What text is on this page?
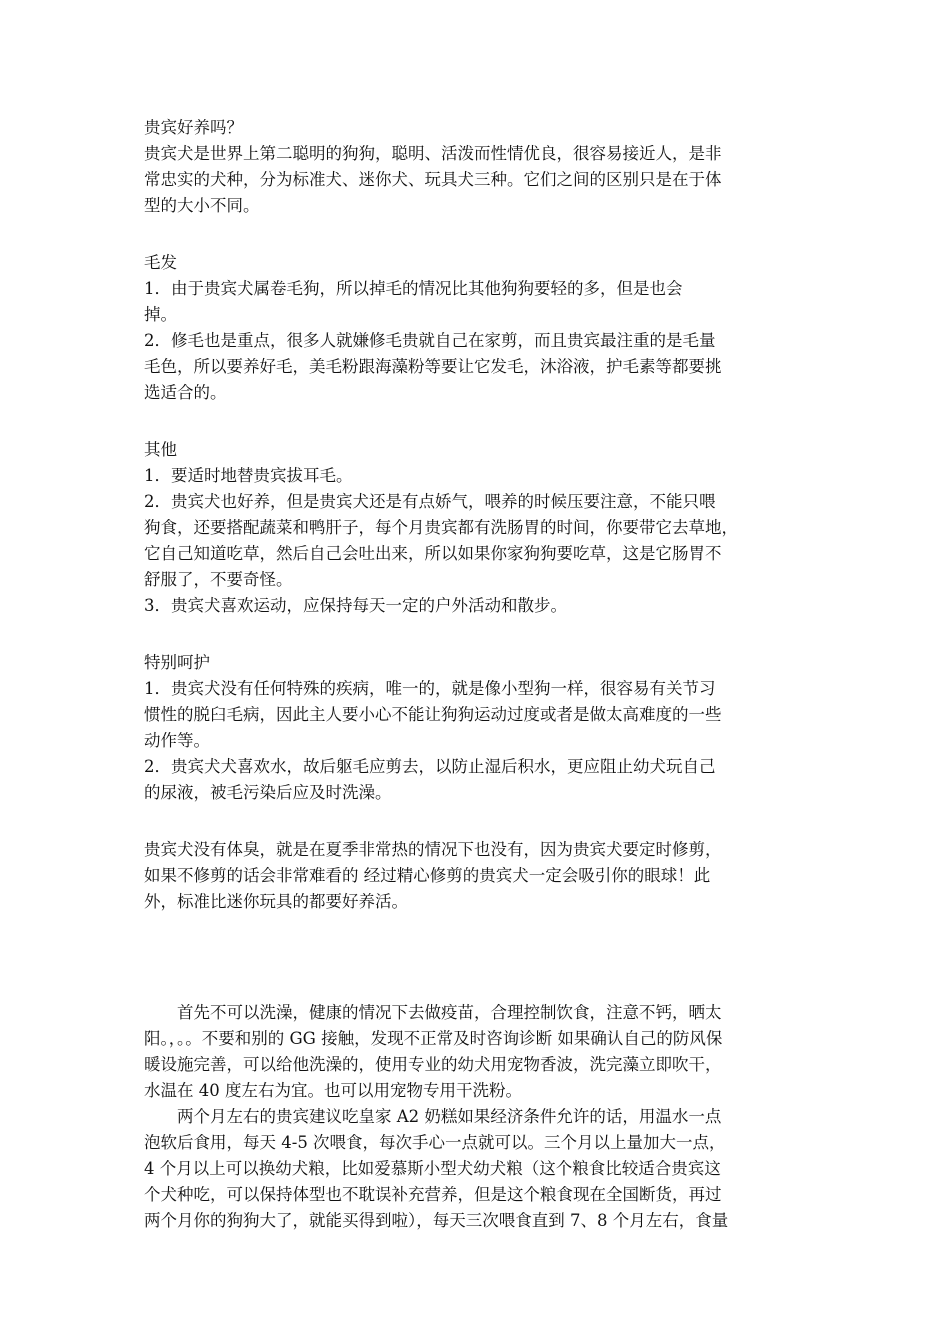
贵宾好养吗？
贵宾犬是世界上第二聪明的狗狗，聪明、活泼而性情优良，很容易接近人，是非
常忠实的犬种，分为标准犬、迷你犬、玩具犬三种。它们之间的区别只是在于体
型的大小不同。
毛发
1．由于贵宾犬属卷毛狗，所以掉毛的情况比其他狗狗要轻的多，但是也会
掉。
2．修毛也是重点，很多人就嫌修毛贵就自己在家剪，而且贵宾最注重的是毛量
毛色，所以要养好毛，美毛粉跟海藻粉等要让它发毛，沐浴液，护毛素等都要挑
选适合的。
其他
1．要适时地替贵宾拔耳毛。
2．贵宾犬也好养，但是贵宾犬还是有点娇气，喂养的时候压要注意，不能只喂
狗食，还要搭配蔬菜和鸭肝子，每个月贵宾都有洗肠胃的时间，你要带它去草地，
它自己知道吃草，然后自己会吐出来，所以如果你家狗狗要吃草，这是它肠胃不
舒服了，不要奇怪。
3．贵宾犬喜欢运动，应保持每天一定的户外活动和散步。
特别呵护
1．贵宾犬没有任何特殊的疾病，唯一的，就是像小型狗一样，很容易有关节习
惯性的脱臼毛病，因此主人要小心不能让狗狗运动过度或者是做太高难度的一些
动作等。
2．贵宾犬犬喜欢水，故后躯毛应剪去，以防止湿后积水，更应阻止幼犬玩自己
的尿液，被毛污染后应及时洗澡。
贵宾犬没有体臭，就是在夏季非常热的情况下也没有，因为贵宾犬要定时修剪，
如果不修剪的话会非常难看的 经过精心修剪的贵宾犬一定会吸引你的眼球！此
外，标准比迷你玩具的都要好养活。
　　首先不可以洗澡，健康的情况下去做疫苗，合理控制饮食，注意不钙，晒太
阳。，。。不要和别的 GG 接触，发现不正常及时咨询诊断 如果确认自己的防风保
暖设施完善，可以给他洗澡的，使用专业的幼犬用宠物香波，洗完藻立即吹干，
水温在 40 度左右为宜。也可以用宠物专用干洗粉。
　　两个月左右的贵宾建议吃皇家 A2 奶糕如果经济条件允许的话，用温水一点
泡软后食用，每天 4-5 次喂食，每次手心一点就可以。三个月以上量加大一点，
4 个月以上可以换幼犬粮，比如爱慕斯小型犬幼犬粮（这个粮食比较适合贵宾这
个犬种吃，可以保持体型也不耽误补充营养，但是这个粮食现在全国断货，再过
两个月你的狗狗大了，就能买得到啦），每天三次喂食直到 7、8 个月左右，食量
